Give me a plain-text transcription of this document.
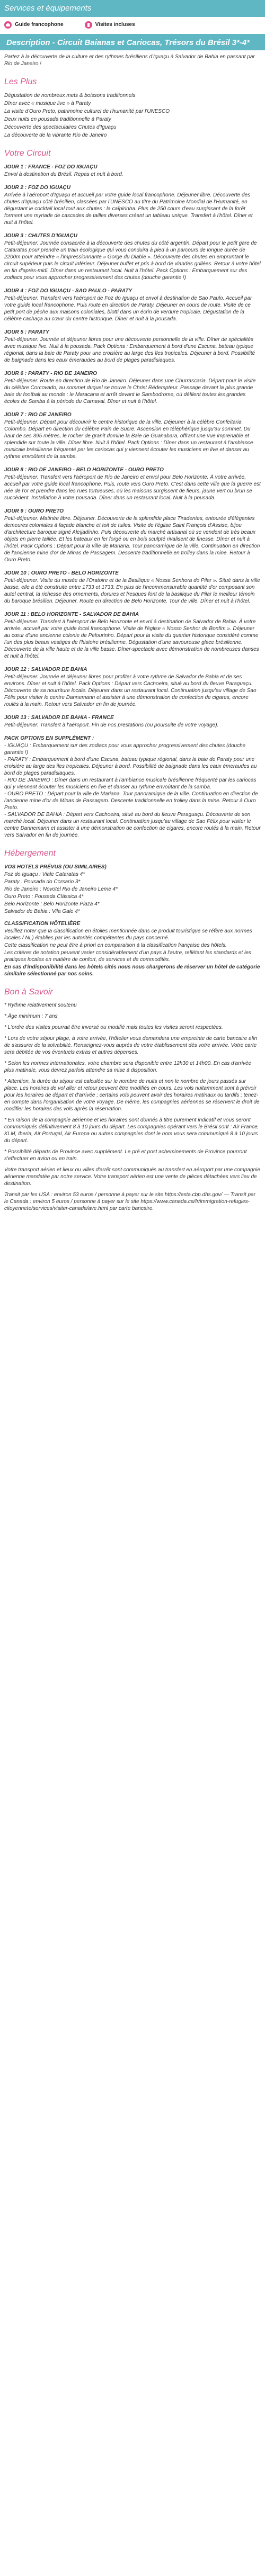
Services et équipements
Guide francophone	Visites incluses
Description - Circuit Baianas et Cariocas, Trésors du Brésil 3*-4*
Partez à la découverte de la culture et des rythmes brésiliens d'Iguaçu à Salvador de Bahia en passant par Rio de Janeiro !
Les Plus

Dégustation de nombreux mets & boissons traditionnels

Dîner avec « musique live » à Paraty

La visite d'Ouro Preto, patrimoine culturel de l'humanité par l'UNESCO

Deux nuits en pousada traditionnelle à Paraty

Découverte des spectaculaires Chutes d'Iguaçu

La découverte de la vibrante Rio de Janeiro

Votre Circuit
JOUR 1 : FRANCE - FOZ DO IGUAÇU

Envol à destination du Brésil. Repas et nuit à bord.

JOUR 2 : FOZ DO IGUAÇU

Arrivée à l'aéroport d'Iguaçu et accueil par votre guide local francophone. Déjeuner libre. Découverte des chutes d'Iguaçu côté brésilien, classées par l'UNESCO au titre du Patrimoine Mondial de l'Humanité, en dégustant le cocktail local tout aux chutes : la caïpirinha. Plus de 250 cours d'eau surgissant de la forêt forment une myriade de cascades de tailles diverses créant un tableau unique. Transfert à l'hôtel. Dîner et nuit à l'hôtel.

JOUR 3 : CHUTES D'IGUAÇU

Petit-déjeuner. Journée consacrée à la découverte des chutes du côté argentin. Départ pour le petit gare de Cataratas pour prendre un train écologique qui vous conduira à pied à un parcours de longue durée de 2200m pour atteindre « l'impressionnante » Gorge du Diable ». Découverte des chutes en empruntant le circuit supérieur puis le circuit inférieur. Déjeuner buffet et pris à bord de viandes grillées. Retour à votre hôtel en fin d'après-midi. Dîner dans un restaurant local. Nuit à l'hôtel. Pack Options : Embarquement sur des zodiacs pour vous approcher progressivement des chutes (douche garantie !)

JOUR 4 : FOZ DO IGUAÇU - SAO PAULO - PARATY

Petit-déjeuner. Transfert vers l'aéroport de Foz do Iguaçu et envol à destination de Sao Paulo. Accueil par votre guide local francophone. Puis route en direction de Paraty. Déjeuner en cours de route. Visite de ce petit port de pêche aux maisons coloniales, blotti dans un écrin de verdure tropicale. Dégustation de la célèbre cachaça au cœur du centre historique. Dîner et nuit à la pousada.

JOUR 5 : PARATY

Petit-déjeuner. Journée et déjeuner libres pour une découverte personnelle de la ville. Dîner de spécialités avec musique live. Nuit à la pousada. Pack Options : Embarquement à bord d'une Escuna, bateau typique régional, dans la baie de Paraty pour une croisière au large des îles tropicales. Déjeuner à bord. Possibilité de baignade dans les eaux émeraudes au bord de plages paradisiaques.

JOUR 6 : PARATY - RIO DE JANEIRO

Petit-déjeuner. Route en direction de Rio de Janeiro. Déjeuner dans une Churrascaria. Départ pour le visite du célèbre Corcovado, au sommet duquel se trouve le Christ Rédempteur. Passage devant la plus grande baie du football au monde : le Maracana et arrêt devant le Sambodrome, où défilent toutes les grandes écoles de Samba à la période du Carnaval. Dîner et nuit à l'hôtel.

JOUR 7 : RIO DE JANEIRO

Petit-déjeuner. Départ pour découvrir le centre historique de la ville. Déjeuner à la célèbre Confeitaria Colombo. Départ en direction du célèbre Pain de Sucre. Ascension en téléphérique jusqu'au sommet. Du haut de ses 395 mètres, le rocher de granit domine la Baie de Guanabara, offrant une vue imprenable et splendide sur toute la ville. Dîner libre. Nuit à l'hôtel. Pack Options : Dîner dans un restaurant à l'ambiance musicale brésilienne fréquenté par les cariocas qui y viennent écouter les musiciens en live et danser au rythme envoûtant de la samba.

JOUR 8 : RIO DE JANEIRO - BELO HORIZONTE - OURO PRETO

Petit-déjeuner. Transfert vers l'aéroport de Rio de Janeiro et envol pour Belo Horizonte. À votre arrivée, accueil par votre guide local francophone. Puis, route vers Ouro Preto. C'est dans cette ville que la guerre est née de l'or et prendre dans les rues tortueuses, où les maisons surgissent de fleurs, jaune vert ou brun se succèdent. Installation à votre pousada. Dîner dans un restaurant local. Nuit à la pousada.

JOUR 9 : OURO PRETO

Petit-déjeuner. Matinée libre. Déjeuner. Découverte de la splendide place Tiradentes, entourée d'élégantes demeures coloniales à façade blanche et toit de tuiles. Visite de l'église Saint François d'Assise, bijou d'architecture baroque signé Aleijadinho. Puis découverte du marché artisanal où se vendent de très beaux objets en pierre taillée. Et les bateaux en fer forgé ou en bois sculpté rivalisent de finesse. Dîner et nuit à l'hôtel. Pack Options : Départ pour la ville de Mariana. Tour panoramique de la ville. Continuation en direction de l'ancienne mine d'or de Minas de Passagem. Descente traditionnelle en trolley dans la mine. Retour à Ouro Preto.

JOUR 10 : OURO PRETO - BELO HORIZONTE

Petit-déjeuner. Visite du musée de l'Oratoire et de la Basilique « Nossa Senhora do Pilar ». Situé dans la ville basse, elle a été construite entre 1733 et 1733. En plus de l'incommensurable quantité d'or composant son autel central, la richesse des ornements, dorures et fresques font de la basilique du Pilar le meilleur témoin du baroque brésilien. Déjeuner. Route en direction de Belo Horizonte. Tour de ville. Dîner et nuit à l'hôtel.

JOUR 11 : BELO HORIZONTE - SALVADOR DE BAHIA

Petit-déjeuner. Transfert à l'aéroport de Belo Horizonte et envol à destination de Salvador de Bahia. À votre arrivée, accueil par votre guide local francophone. Visite de l'église « Nosso Senhor de Bonfim ». Déjeuner au cœur d'une ancienne colonie de Pelourinho. Départ pour la visite du quartier historique considéré comme l'un des plus beaux vestiges de l'histoire brésilienne. Dégustation d'une savoureuse glace brésilienne. Découverte de la ville haute et de la ville basse. Dîner-spectacle avec démonstration de nombreuses danses et nuit à l'hôtel.

JOUR 12 : SALVADOR DE BAHIA

Petit-déjeuner. Journée et déjeuner libres pour profiter à votre rythme de Salvador de Bahia et de ses environs. Dîner et nuit à l'hôtel. Pack Options : Départ vers Cachoeira, situé au bord du fleuve Paraguaçu. Découverte de sa nourriture locale. Déjeuner dans un restaurant local. Continuation jusqu'au village de Sao Félix pour visiter le centre Dannemann et assister à une démonstration de confection de cigares, encore roulés à la main. Retour vers Salvador en fin de journée.

JOUR 13 : SALVADOR DE BAHIA - FRANCE

Petit-déjeuner. Transfert à l'aéroport. Fin de nos prestations (ou poursuite de votre voyage).

PACK OPTIONS EN SUPPLÉMENT :

- IGUAÇU : Embarquement sur des zodiacs pour vous approcher progressivement des chutes (douche garantie !)

- PARATY : Embarquement à bord d'une Escuna, bateau typique régional, dans la baie de Paraty pour une croisière au large des îles tropicales. Déjeuner à bord. Possibilité de baignade dans les eaux émeraudes au bord de plages paradisiaques.

- RIO DE JANEIRO : Dîner dans un restaurant à l'ambiance musicale brésilienne fréquenté par les cariocas qui y viennent écouter les musiciens en live et danser au rythme envoûtant de la samba.

- OURO PRETO : Départ pour la ville de Mariana. Tour panoramique de la ville. Continuation en direction de l'ancienne mine d'or de Minas de Passagem. Descente traditionnelle en trolley dans la mine. Retour à Ouro Preto.

- SALVADOR DE BAHIA : Départ vers Cachoeira, situé au bord du fleuve Paraguaçu. Découverte de son marché local. Déjeuner dans un restaurant local. Continuation jusqu'au village de Sao Félix pour visiter le centre Dannemann et assister à une démonstration de confection de cigares, encore roulés à la main. Retour vers Salvador en fin de journée.

Hébergement

VOS HOTELS PRÉVUS (OU SIMILAIRES)

Foz do Iguaçu : Viale Cataratas 4*

Paraty : Pousada do Corsario 3*

Rio de Janeiro : Novotel Rio de Janeiro Leme 4*

Ouro Preto : Pousada Clássica 4*

Belo Horizonte : Belo Horizonte Plaza 4*

Salvador de Bahia : Vila Gale 4*

CLASSIFICATION HÔTELIÈRE

Veuillez noter que la classification en étoiles mentionnée dans ce produit touristique se réfère aux normes locales / NL) établies par les autorités compétentes du pays concerné.

Cette classification ne peut être à priori en comparaison à la classification française des hôtels.

Les critères de notation peuvent varier considérablement d'un pays à l'autre, reflétant les standards et les pratiques locales en matière de confort, de services et de commodités.

En cas d'indisponibilité dans les hôtels cités nous nous chargerons de réserver un hôtel de catégorie similaire sélectionné par nos soins.

Bon à Savoir

* Rythme relativement soutenu

* Âge minimum : 7 ans

* L'ordre des visites pourrait être inversé ou modifié mais toutes les visites seront respectées.

* Lors de votre séjour plage, à votre arrivée, l'hôtelier vous demandera une empreinte de carte bancaire afin de s'assurer de la solvabilité. Renseignez-vous auprès de votre établissement dès votre arrivée. Votre carte sera débitée de vos éventuels extras et autres dépenses.

* Selon les normes internationales, votre chambre sera disponible entre 12h30 et 14h00. En cas d'arrivée plus matinale, vous devrez parfois attendre sa mise à disposition.

* Attention, la durée du séjour est calculée sur le nombre de nuits et non le nombre de jours passés sur place. Les horaires de vol aller et retour peuvent être modifiés en cours. Les vols nuitamment sont à prévoir pour les horaires de départ et d'arrivée ; certains vols peuvent avoir des horaires matinaux ou tardifs ; tenez-en compte dans l'organisation de votre voyage. De même, les compagnies aériennes se réservent le droit de modifier les horaires des vols après la réservation.

* En raison de la compagnie aérienne et les horaires sont donnés à titre purement indicatif et vous seront communiqués définitivement 8 à 10 jours du départ. Les compagnies opérant vers le Brésil sont : Air France, KLM, Iberia, Air Portugal, Air Europa ou autres compagnies dont le nom vous sera communiqué 8 à 10 jours du départ.

* Possibilité départs de Province avec supplément. Le pré et post acheminements de Province pourront s'effectuer en avion ou en train.

Votre transport aérien et lieux ou villes d'arrêt sont communiqués au transfert en aéroport par une compagnie aérienne mandatée par notre service. Votre transport aérien est une vente de pièces détachées vers lieu de destination.

Transit par les USA : environ 53 euros / personne à payer sur le site https://esta.cbp.dhs.gov/ — Transit par le Canada : environ 5 euros / personne à payer sur le site https://www.canada.ca/fr/immigration-refugies-citoyennete/services/visiter-canada/ave.html par carte bancaire.
